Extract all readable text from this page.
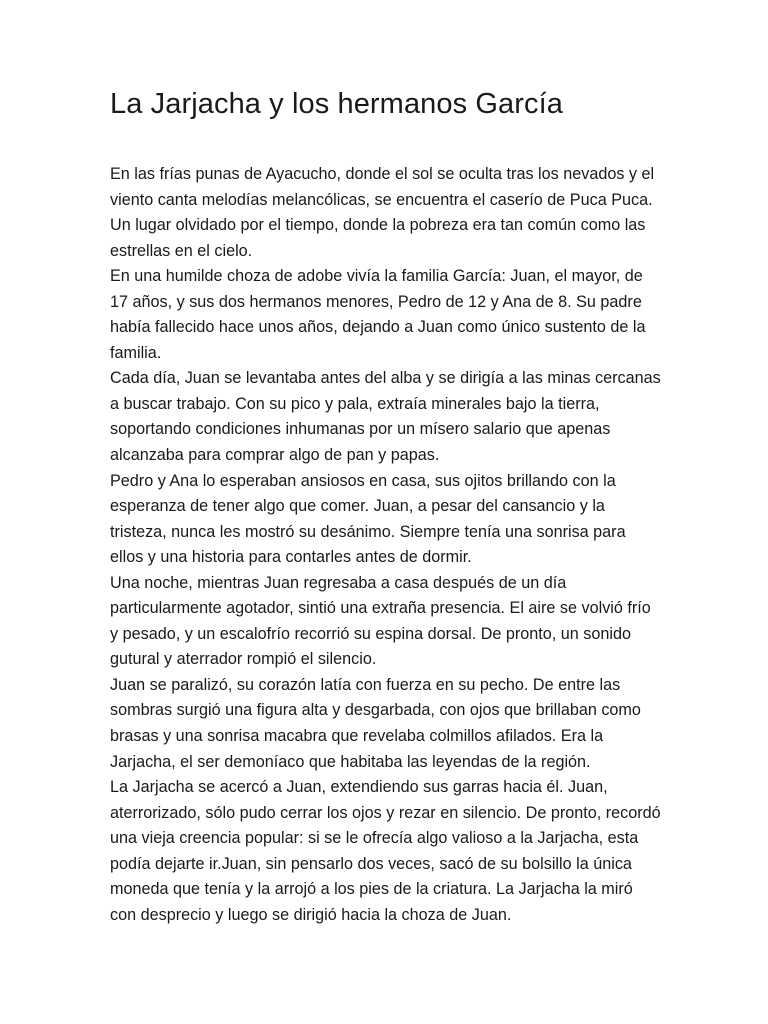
La Jarjacha y los hermanos García

En las frías punas de Ayacucho, donde el sol se oculta tras los nevados y el viento canta melodías melancólicas, se encuentra el caserío de Puca Puca. Un lugar olvidado por el tiempo, donde la pobreza era tan común como las estrellas en el cielo.

En una humilde choza de adobe vivía la familia García: Juan, el mayor, de 17 años, y sus dos hermanos menores, Pedro de 12 y Ana de 8. Su padre había fallecido hace unos años, dejando a Juan como único sustento de la familia.

Cada día, Juan se levantaba antes del alba y se dirigía a las minas cercanas a buscar trabajo. Con su pico y pala, extraía minerales bajo la tierra, soportando condiciones inhumanas por un mísero salario que apenas alcanzaba para comprar algo de pan y papas.

Pedro y Ana lo esperaban ansiosos en casa, sus ojitos brillando con la esperanza de tener algo que comer. Juan, a pesar del cansancio y la tristeza, nunca les mostró su desánimo. Siempre tenía una sonrisa para ellos y una historia para contarles antes de dormir.

Una noche, mientras Juan regresaba a casa después de un día particularmente agotador, sintió una extraña presencia. El aire se volvió frío y pesado, y un escalofrío recorrió su espina dorsal. De pronto, un sonido gutural y aterrador rompió el silencio.

Juan se paralizó, su corazón latía con fuerza en su pecho. De entre las sombras surgió una figura alta y desgarbada, con ojos que brillaban como brasas y una sonrisa macabra que revelaba colmillos afilados. Era la Jarjacha, el ser demoníaco que habitaba las leyendas de la región.

La Jarjacha se acercó a Juan, extendiendo sus garras hacia él. Juan, aterrorizado, sólo pudo cerrar los ojos y rezar en silencio. De pronto, recordó una vieja creencia popular: si se le ofrecía algo valioso a la Jarjacha, esta podía dejarte ir.Juan, sin pensarlo dos veces, sacó de su bolsillo la única moneda que tenía y la arrojó a los pies de la criatura. La Jarjacha la miró con desprecio y luego se dirigió hacia la choza de Juan.
